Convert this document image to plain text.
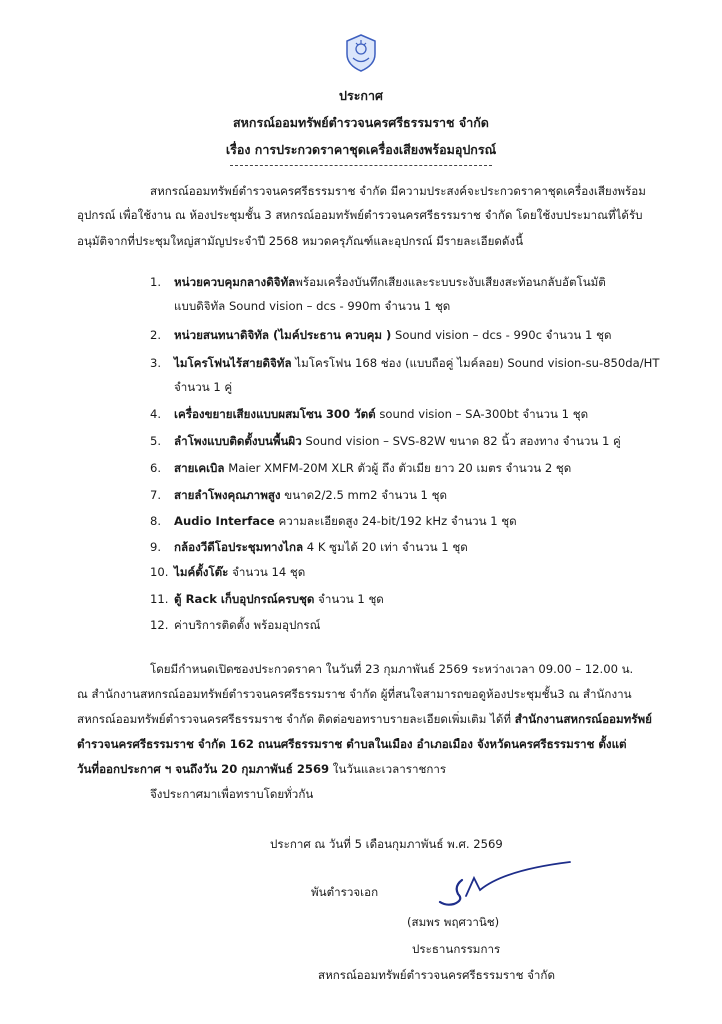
ประกาศ
สหกรณ์ออมทรัพย์ตำรวจนครศรีธรรมราช จำกัด
เรื่อง การประกวดราคาชุดเครื่องเสียงพร้อมอุปกรณ์
สหกรณ์ออมทรัพย์ตำรวจนครศรีธรรมราช จำกัด มีความประสงค์จะประกวดราคาชุดเครื่องเสียงพร้อม
อุปกรณ์ เพื่อใช้งาน ณ ห้องประชุมชั้น 3 สหกรณ์ออมทรัพย์ตำรวจนครศรีธรรมราช จำกัด โดยใช้งบประมาณที่ได้รับ
อนุมัติจากที่ประชุมใหญ่สามัญประจำปี 2568 หมวดครุภัณฑ์และอุปกรณ์ มีรายละเอียดดังนี้
1. หน่วยควบคุมกลางดิจิทัลพร้อมเครื่องบันทึกเสียงและระบบระงับเสียงสะท้อนกลับอัตโนมัติ
แบบดิจิทัล Sound vision – dcs - 990m จำนวน 1 ชุด
2. หน่วยสนทนาดิจิทัล (ไมค์ประธาน ควบคุม ) Sound vision – dcs - 990c จำนวน 1 ชุด
3. ไมโครโฟนไร้สายดิจิทัล ไมโครโฟน 168 ช่อง (แบบถือคู่ ไมค์ลอย) Sound vision-su-850da/HT
จำนวน 1 คู่
4. เครื่องขยายเสียงแบบผสมโซน 300 วัตต์ sound vision – SA-300bt จำนวน 1 ชุด
5. ลำโพงแบบติดตั้งบนพื้นผิว Sound vision – SVS-82W ขนาด 82 นิ้ว สองทาง จำนวน 1 คู่
6. สายเคเบิล Maier XMFM-20M XLR ตัวผู้ ถึง ตัวเมีย ยาว 20 เมตร จำนวน 2 ชุด
7. สายลำโพงคุณภาพสูง ขนาด2/2.5 mm2 จำนวน 1 ชุด
8. Audio Interface ความละเอียดสูง 24-bit/192 kHz จำนวน 1 ชุด
9. กล้องวีดีโอประชุมทางไกล 4 K ซูมได้ 20 เท่า จำนวน 1 ชุด
10. ไมค์ตั้งโต๊ะ จำนวน 14 ชุด
11. ตู้ Rack เก็บอุปกรณ์ครบชุด จำนวน 1 ชุด
12. ค่าบริการติดตั้ง พร้อมอุปกรณ์
โดยมีกำหนดเปิดซองประกวดราคา ในวันที่ 23 กุมภาพันธ์ 2569 ระหว่างเวลา 09.00 – 12.00 น.
ณ สำนักงานสหกรณ์ออมทรัพย์ตำรวจนครศรีธรรมราช จำกัด ผู้ที่สนใจสามารถขอดูห้องประชุมชั้น3 ณ สำนักงาน
สหกรณ์ออมทรัพย์ตำรวจนครศรีธรรมราช จำกัด ติดต่อขอทราบรายละเอียดเพิ่มเติม ได้ที่ สำนักงานสหกรณ์ออมทรัพย์
ตำรวจนครศรีธรรมราช จำกัด 162 ถนนศรีธรรมราช ตำบลในเมือง อำเภอเมือง จังหวัดนครศรีธรรมราช ตั้งแต่
วันที่ออกประกาศ ฯ จนถึงวัน 20 กุมภาพันธ์ 2569 ในวันและเวลาราชการ
จึงประกาศมาเพื่อทราบโดยทั่วกัน
ประกาศ ณ วันที่ 5 เดือนกุมภาพันธ์ พ.ศ. 2569
พันตำรวจเอก
(สมพร พฤศวานิช)
ประธานกรรมการ
สหกรณ์ออมทรัพย์ตำรวจนครศรีธรรมราช จำกัด
